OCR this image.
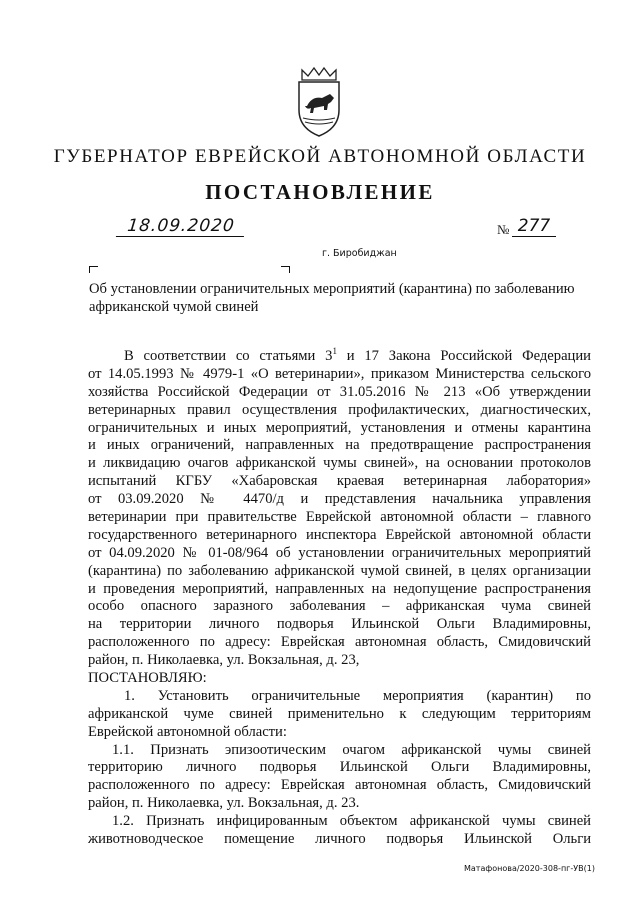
ГУБЕРНАТОР ЕВРЕЙСКОЙ АВТОНОМНОЙ ОБЛАСТИ
ПОСТАНОВЛЕНИЕ
18.09.2020	№ 277
г. Биробиджан
Об установлении ограничительных мероприятий (карантина) по заболеванию
африканской чумой свиней
В соответствии со статьями $3^1$ и 17 Закона Российской Федерации
от 14.05.1993 № 4979-1 «О ветеринарии», приказом Министерства сельского
хозяйства Российской Федерации от 31.05.2016 № 213 «Об утверждении
ветеринарных правил осуществления профилактических, диагностических,
ограничительных и иных мероприятий, установления и отмены карантина
и иных ограничений, направленных на предотвращение распространения
и ликвидацию очагов африканской чумы свиней», на основании протоколов
испытаний КГБУ «Хабаровская краевая ветеринарная лаборатория»
от 03.09.2020 № 4470/д и представления начальника управления
ветеринарии при правительстве Еврейской автономной области – главного
государственного ветеринарного инспектора Еврейской автономной области
от 04.09.2020 № 01-08/964 об установлении ограничительных мероприятий
(карантина) по заболеванию африканской чумой свиней, в целях организации
и проведения мероприятий, направленных на недопущение распространения
особо опасного заразного заболевания – африканская чума свиней
на территории личного подворья Ильинской Ольги Владимировны,
расположенного по адресу: Еврейская автономная область, Смидовичский
район, п. Николаевка, ул. Вокзальная, д. 23,
ПОСТАНОВЛЯЮ:
1. Установить ограничительные мероприятия (карантин) по
африканской чуме свиней применительно к следующим территориям
Еврейской автономной области:
1.1. Признать эпизоотическим очагом африканской чумы свиней
территорию личного подворья Ильинской Ольги Владимировны,
расположенного по адресу: Еврейская автономная область, Смидовичский
район, п. Николаевка, ул. Вокзальная, д. 23.
1.2. Признать инфицированным объектом африканской чумы свиней
животноводческое помещение личного подворья Ильинской Ольги
Матафонова/2020-308-пг-УВ(1)
